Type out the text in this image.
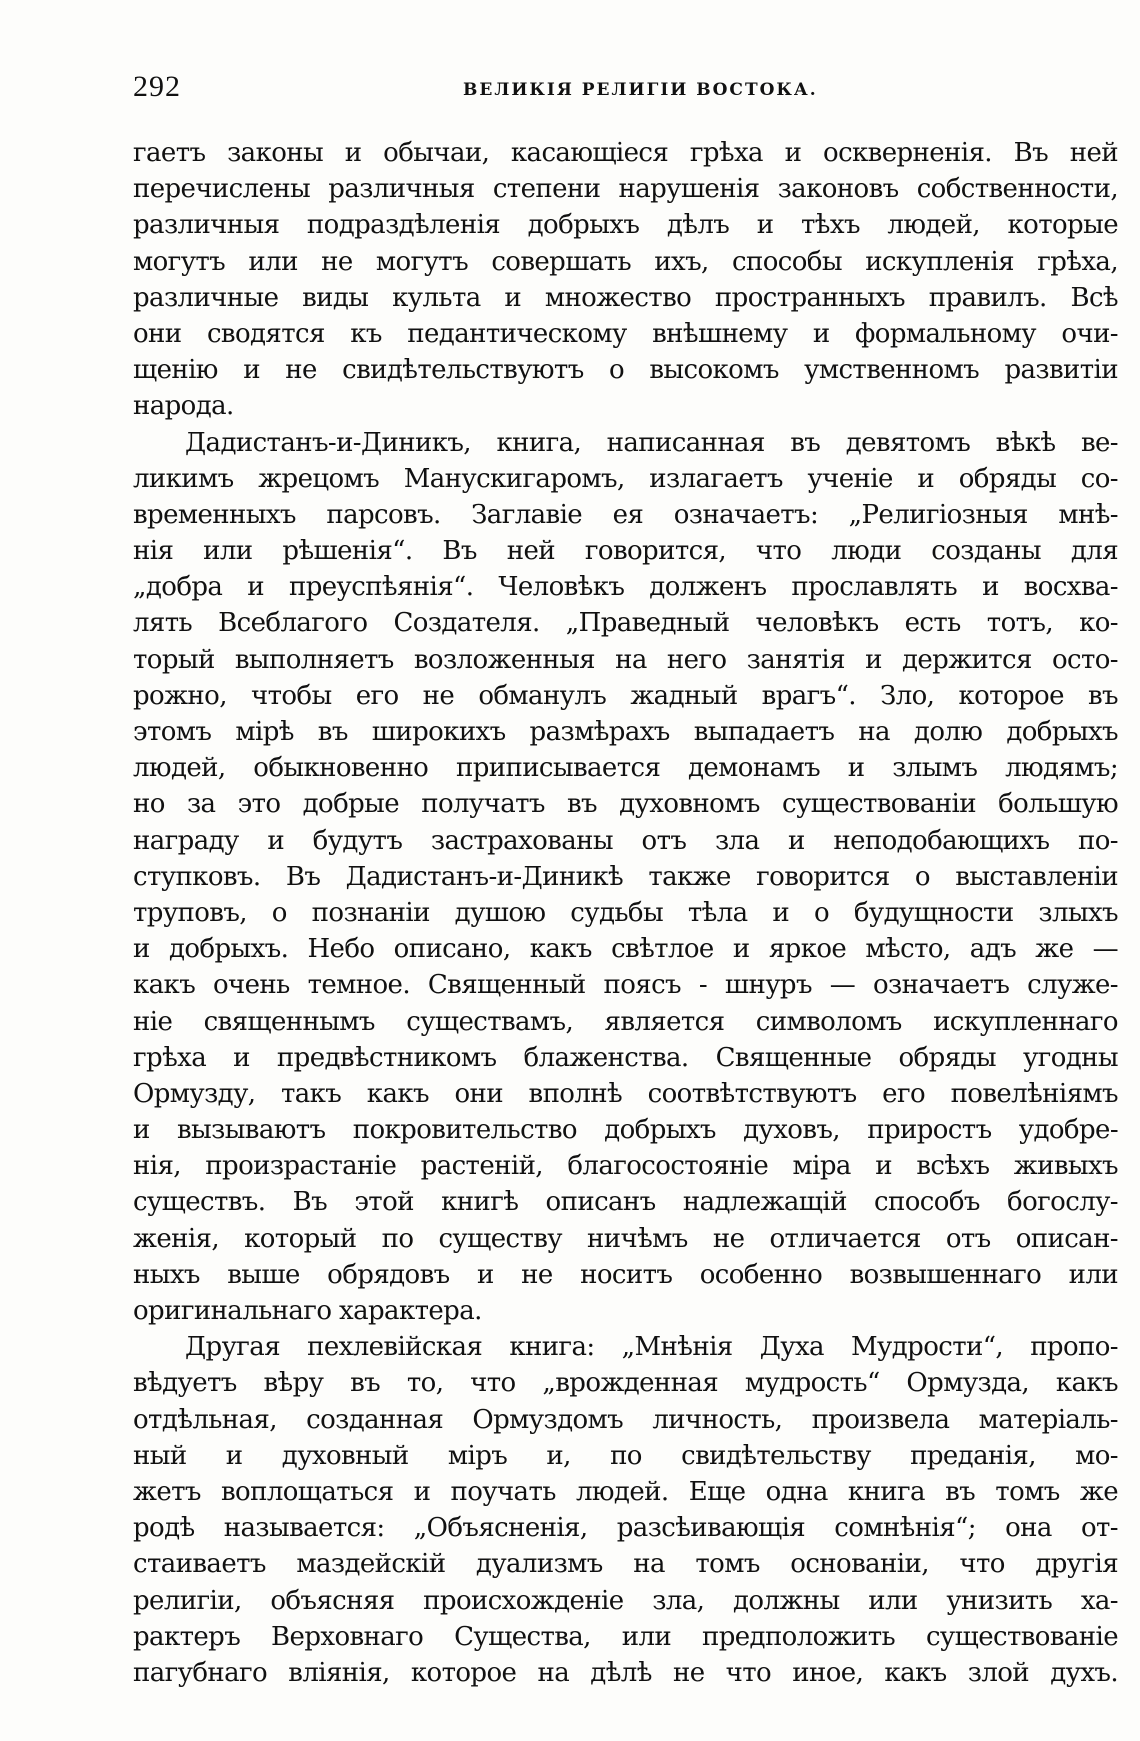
292	ВЕЛИКІЯ РЕЛИГІИ ВОСТОКА.
гаетъ законы и обычаи, касающіеся грѣха и оскверненія. Въ ней
перечислены различныя степени нарушенія законовъ собственности,
различныя подраздѣленія добрыхъ дѣлъ и тѣхъ людей, которые
могутъ или не могутъ совершать ихъ, способы искупленія грѣха,
различные виды культа и множество пространныхъ правилъ. Всѣ
они сводятся къ педантическому внѣшнему и формальному очи-
щенію и не свидѣтельствуютъ о высокомъ умственномъ развитіи
народа.
Дадистанъ-и-Диникъ, книга, написанная въ девятомъ вѣкѣ ве-
ликимъ жрецомъ Манускигаромъ, излагаетъ ученіе и обряды со-
временныхъ парсовъ. Заглавіе ея означаетъ: „Религіозныя мнѣ-
нія или рѣшенія“. Въ ней говорится, что люди созданы для
„добра и преуспѣянія“. Человѣкъ долженъ прославлять и восхва-
лять Всеблагого Создателя. „Праведный человѣкъ есть тотъ, ко-
торый выполняетъ возложенныя на него занятія и держится осто-
рожно, чтобы его не обманулъ жадный врагъ“. Зло, которое въ
этомъ мірѣ въ широкихъ размѣрахъ выпадаетъ на долю добрыхъ
людей, обыкновенно приписывается демонамъ и злымъ людямъ;
но за это добрые получатъ въ духовномъ существованіи большую
награду и будутъ застрахованы отъ зла и неподобающихъ по-
ступковъ. Въ Дадистанъ-и-Диникѣ также говорится о выставленіи
труповъ, о познаніи душою судьбы тѣла и о будущности злыхъ
и добрыхъ. Небо описано, какъ свѣтлое и яркое мѣсто, адъ же —
какъ очень темное. Священный поясъ - шнуръ — означаетъ служе-
ніе священнымъ существамъ, является символомъ искупленнаго
грѣха и предвѣстникомъ блаженства. Священные обряды угодны
Ормузду, такъ какъ они вполнѣ соотвѣтствуютъ его повелѣніямъ
и вызываютъ покровительство добрыхъ духовъ, приростъ удобре-
нія, произрастаніе растеній, благосостояніе міра и всѣхъ живыхъ
существъ. Въ этой книгѣ описанъ надлежащій способъ богослу-
женія, который по существу ничѣмъ не отличается отъ описан-
ныхъ выше обрядовъ и не носитъ особенно возвышеннаго или
оригинальнаго характера.
Другая пехлевійская книга: „Мнѣнія Духа Мудрости“, пропо-
вѣдуетъ вѣру въ то, что „врожденная мудрость“ Ормузда, какъ
отдѣльная, созданная Ормуздомъ личность, произвела матеріаль-
ный и духовный міръ и, по свидѣтельству преданія, мо-
жетъ воплощаться и поучать людей. Еще одна книга въ томъ же
родѣ называется: „Объясненія, разсѣивающія сомнѣнія“; она от-
стаиваетъ маздейскій дуализмъ на томъ основаніи, что другія
религіи, объясняя происхожденіе зла, должны или унизить ха-
рактеръ Верховнаго Существа, или предположить существованіе
пагубнаго вліянія, которое на дѣлѣ не что иное, какъ злой духъ.
